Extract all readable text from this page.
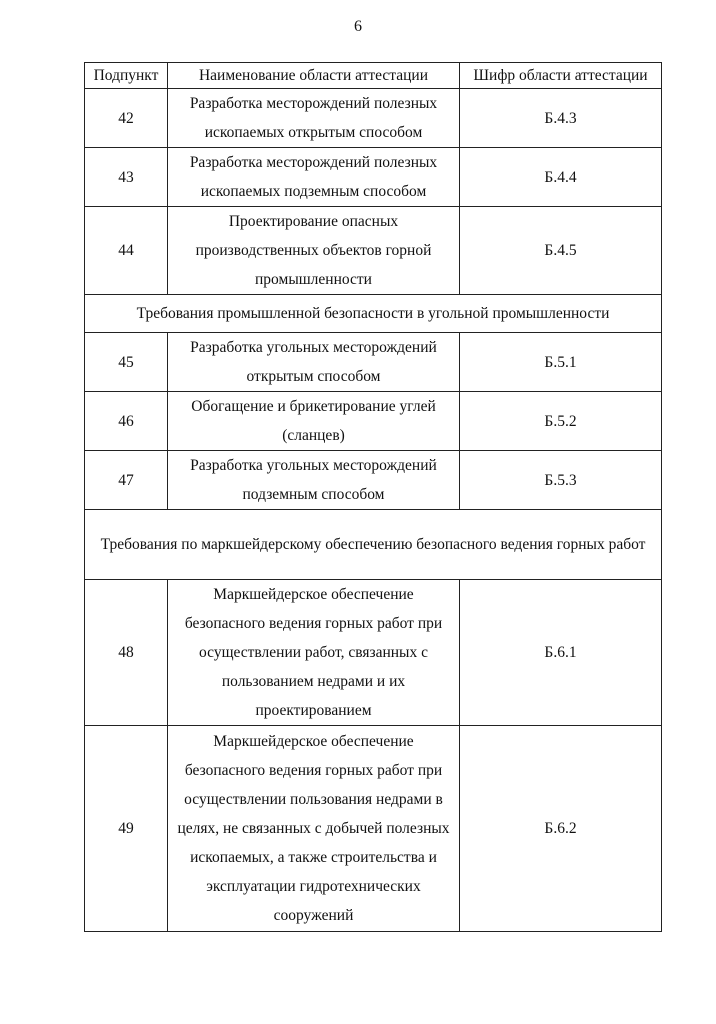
6
Подпункт	Наименование области аттестации	Шифр области аттестации
42	Разработка месторождений полезных ископаемых открытым способом	Б.4.3
43	Разработка месторождений полезных ископаемых подземным способом	Б.4.4
44	Проектирование опасных производственных объектов горной промышленности	Б.4.5
Требования промышленной безопасности в угольной промышленности		
45	Разработка угольных месторождений открытым способом	Б.5.1
46	Обогащение и брикетирование углей (сланцев)	Б.5.2
47	Разработка угольных месторождений подземным способом	Б.5.3
Требования по маркшейдерскому обеспечению безопасного ведения горных работ		
48	Маркшейдерское обеспечение безопасного ведения горных работ при осуществлении работ, связанных с пользованием недрами и их проектированием	Б.6.1
49	Маркшейдерское обеспечение безопасного ведения горных работ при осуществлении пользования недрами в целях, не связанных с добычей полезных ископаемых, а также строительства и эксплуатации гидротехнических сооружений	Б.6.2
